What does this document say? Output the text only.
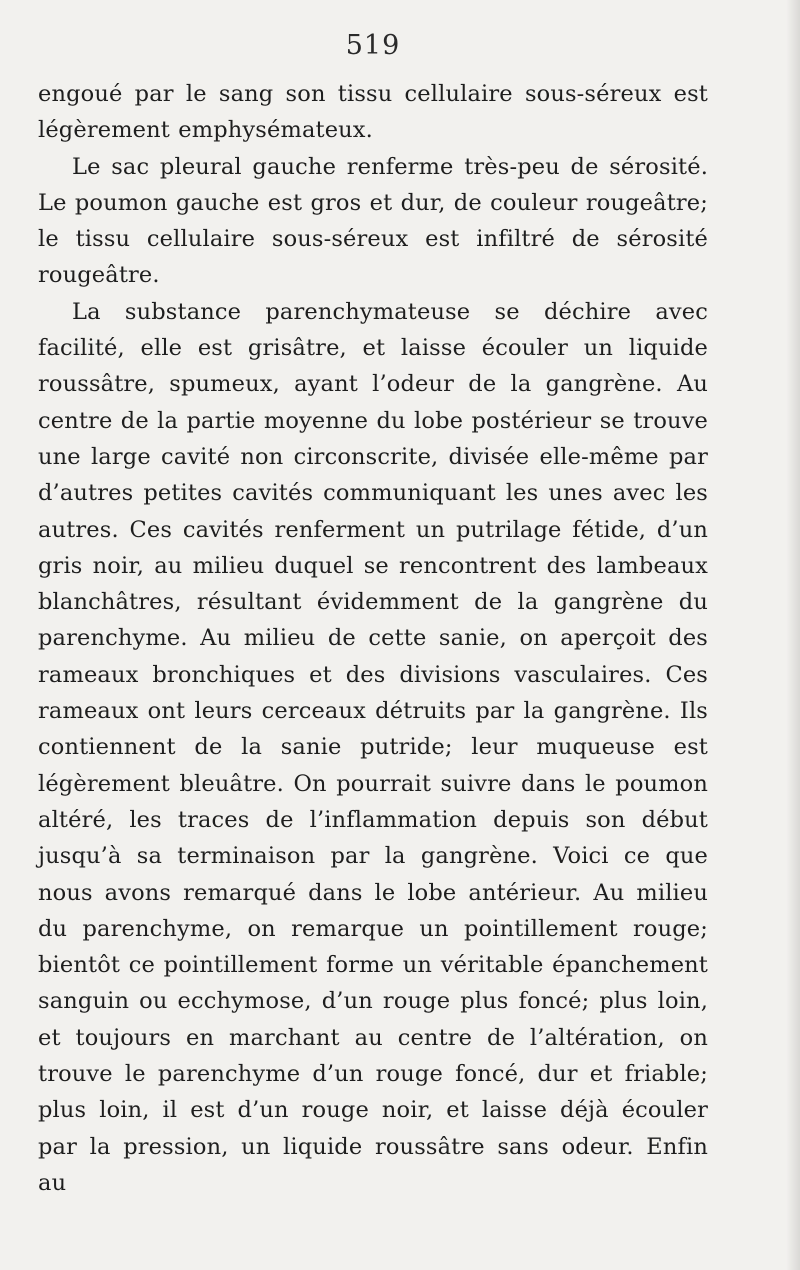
519

engoué par le sang son tissu cellulaire sous-séreux est légèrement emphysémateux.

Le sac pleural gauche renferme très-peu de sérosité. Le poumon gauche est gros et dur, de couleur rougeâtre; le tissu cellulaire sous-séreux est infiltré de sérosité rougeâtre.

La substance parenchymateuse se déchire avec facilité, elle est grisâtre, et laisse écouler un liquide roussâtre, spumeux, ayant l’odeur de la gangrène. Au centre de la partie moyenne du lobe postérieur se trouve une large cavité non circonscrite, divisée elle-même par d’autres petites cavités communiquant les unes avec les autres. Ces cavités renferment un putrilage fétide, d’un gris noir, au milieu duquel se rencontrent des lambeaux blanchâtres, résultant évidemment de la gangrène du parenchyme. Au milieu de cette sanie, on aperçoit des rameaux bronchiques et des divisions vasculaires. Ces rameaux ont leurs cerceaux détruits par la gangrène. Ils contiennent de la sanie putride; leur muqueuse est légèrement bleuâtre. On pourrait suivre dans le poumon altéré, les traces de l’inflammation depuis son début jusqu’à sa terminaison par la gangrène. Voici ce que nous avons remarqué dans le lobe antérieur. Au milieu du parenchyme, on remarque un pointillement rouge; bientôt ce pointillement forme un véritable épanchement sanguin ou ecchymose, d’un rouge plus foncé; plus loin, et toujours en marchant au centre de l’altération, on trouve le parenchyme d’un rouge foncé, dur et friable; plus loin, il est d’un rouge noir, et laisse déjà écouler par la pression, un liquide roussâtre sans odeur. Enfin au
